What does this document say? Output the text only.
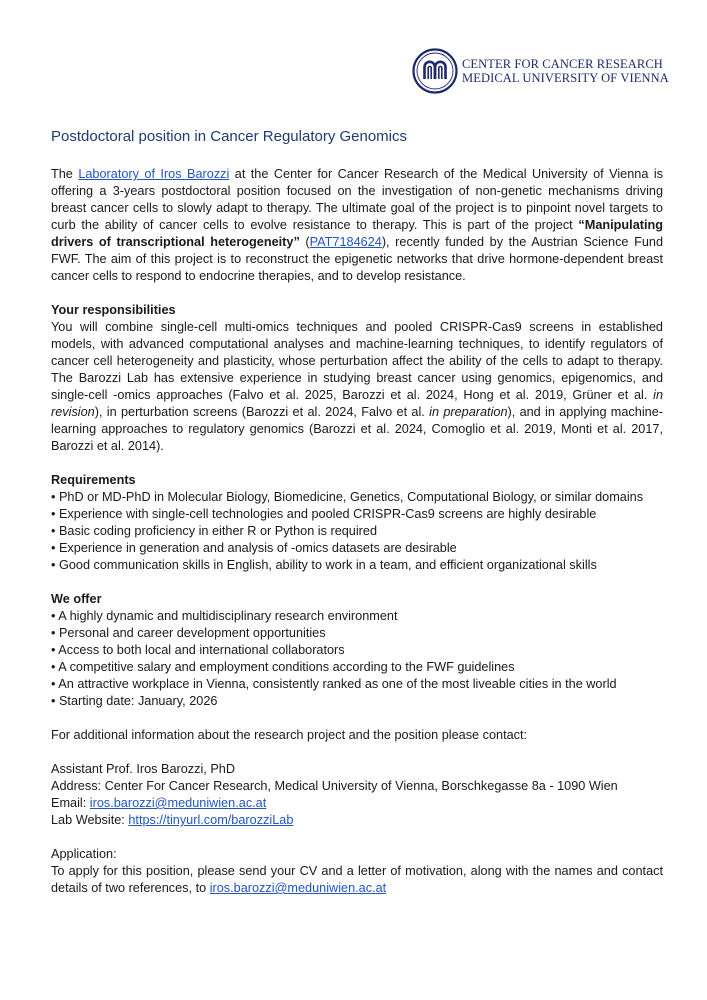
CENTER FOR CANCER RESEARCH
MEDICAL UNIVERSITY OF VIENNA
Postdoctoral position in Cancer Regulatory Genomics

The Laboratory of Iros Barozzi at the Center for Cancer Research of the Medical University of Vienna is offering a 3-years postdoctoral position focused on the investigation of non-genetic mechanisms driving breast cancer cells to slowly adapt to therapy. The ultimate goal of the project is to pinpoint novel targets to curb the ability of cancer cells to evolve resistance to therapy. This is part of the project “Manipulating drivers of transcriptional heterogeneity” (PAT7184624), recently funded by the Austrian Science Fund FWF. The aim of this project is to reconstruct the epigenetic networks that drive hormone-dependent breast cancer cells to respond to endocrine therapies, and to develop resistance.

Your responsibilities

You will combine single-cell multi-omics techniques and pooled CRISPR-Cas9 screens in established models, with advanced computational analyses and machine-learning techniques, to identify regulators of cancer cell heterogeneity and plasticity, whose perturbation affect the ability of the cells to adapt to therapy. The Barozzi Lab has extensive experience in studying breast cancer using genomics, epigenomics, and single-cell -omics approaches (Falvo et al. 2025, Barozzi et al. 2024, Hong et al. 2019, Grüner et al. in revision), in perturbation screens (Barozzi et al. 2024, Falvo et al. in preparation), and in applying machine-learning approaches to regulatory genomics (Barozzi et al. 2024, Comoglio et al. 2019, Monti et al. 2017, Barozzi et al. 2014).

Requirements

• PhD or MD-PhD in Molecular Biology, Biomedicine, Genetics, Computational Biology, or similar domains
• Experience with single-cell technologies and pooled CRISPR-Cas9 screens are highly desirable
• Basic coding proficiency in either R or Python is required
• Experience in generation and analysis of -omics datasets are desirable
• Good communication skills in English, ability to work in a team, and efficient organizational skills

We offer

• A highly dynamic and multidisciplinary research environment
• Personal and career development opportunities
• Access to both local and international collaborators
• A competitive salary and employment conditions according to the FWF guidelines
• An attractive workplace in Vienna, consistently ranked as one of the most liveable cities in the world
• Starting date: January, 2026

For additional information about the research project and the position please contact:

Assistant Prof. Iros Barozzi, PhD

Address: Center For Cancer Research, Medical University of Vienna, Borschkegasse 8a - 1090 Wien

Email: iros.barozzi@meduniwien.ac.at

Lab Website: https://tinyurl.com/barozziLab

Application:

To apply for this position, please send your CV and a letter of motivation, along with the names and contact details of two references, to iros.barozzi@meduniwien.ac.at
